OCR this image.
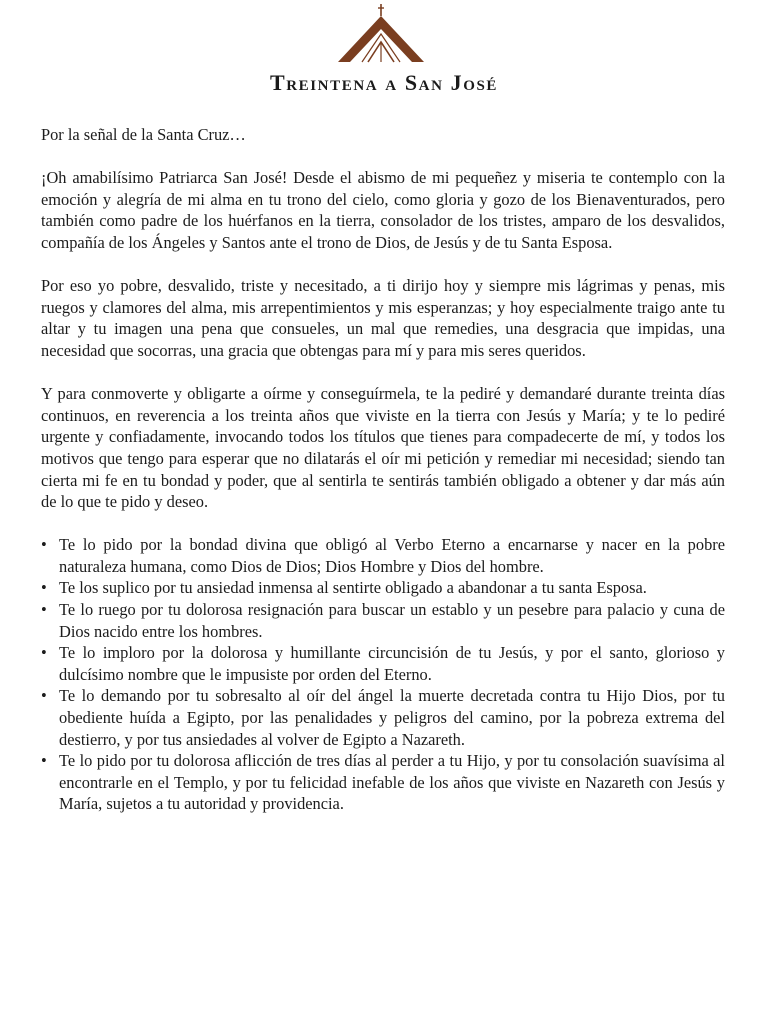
Treintena a San José

Por la señal de la Santa Cruz…

¡Oh amabilísimo Patriarca San José! Desde el abismo de mi pequeñez y miseria te contemplo con la emoción y alegría de mi alma en tu trono del cielo, como gloria y gozo de los Bienaventurados, pero también como padre de los huérfanos en la tierra, consolador de los tristes, amparo de los desvalidos, compañía de los Ángeles y Santos ante el trono de Dios, de Jesús y de tu Santa Esposa.

Por eso yo pobre, desvalido, triste y necesitado, a ti dirijo hoy y siempre mis lágrimas y penas, mis ruegos y clamores del alma, mis arrepentimientos y mis esperanzas; y hoy especialmente traigo ante tu altar y tu imagen una pena que consueles, un mal que remedies, una desgracia que impidas, una necesidad que socorras, una gracia que obtengas para mí y para mis seres queridos.

Y para conmoverte y obligarte a oírme y conseguírmela, te la pediré y demandaré durante treinta días continuos, en reverencia a los treinta años que viviste en la tierra con Jesús y María; y te lo pediré urgente y confiadamente, invocando todos los títulos que tienes para compadecerte de mí, y todos los motivos que tengo para esperar que no dilatarás el oír mi petición y remediar mi necesidad; siendo tan cierta mi fe en tu bondad y poder, que al sentirla te sentirás también obligado a obtener y dar más aún de lo que te pido y deseo.

• Te lo pido por la bondad divina que obligó al Verbo Eterno a encarnarse y nacer en la pobre naturaleza humana, como Dios de Dios; Dios Hombre y Dios del hombre.
• Te los suplico por tu ansiedad inmensa al sentirte obligado a abandonar a tu santa Esposa.
• Te lo ruego por tu dolorosa resignación para buscar un establo y un pesebre para palacio y cuna de Dios nacido entre los hombres.
• Te lo imploro por la dolorosa y humillante circuncisión de tu Jesús, y por el santo, glorioso y dulcísimo nombre que le impusiste por orden del Eterno.
• Te lo demando por tu sobresalto al oír del ángel la muerte decretada contra tu Hijo Dios, por tu obediente huída a Egipto, por las penalidades y peligros del camino, por la pobreza extrema del destierro, y por tus ansiedades al volver de Egipto a Nazareth.
• Te lo pido por tu dolorosa aflicción de tres días al perder a tu Hijo, y por tu consolación suavísima al encontrarle en el Templo, y por tu felicidad inefable de los años que viviste en Nazareth con Jesús y María, sujetos a tu autoridad y providencia.
